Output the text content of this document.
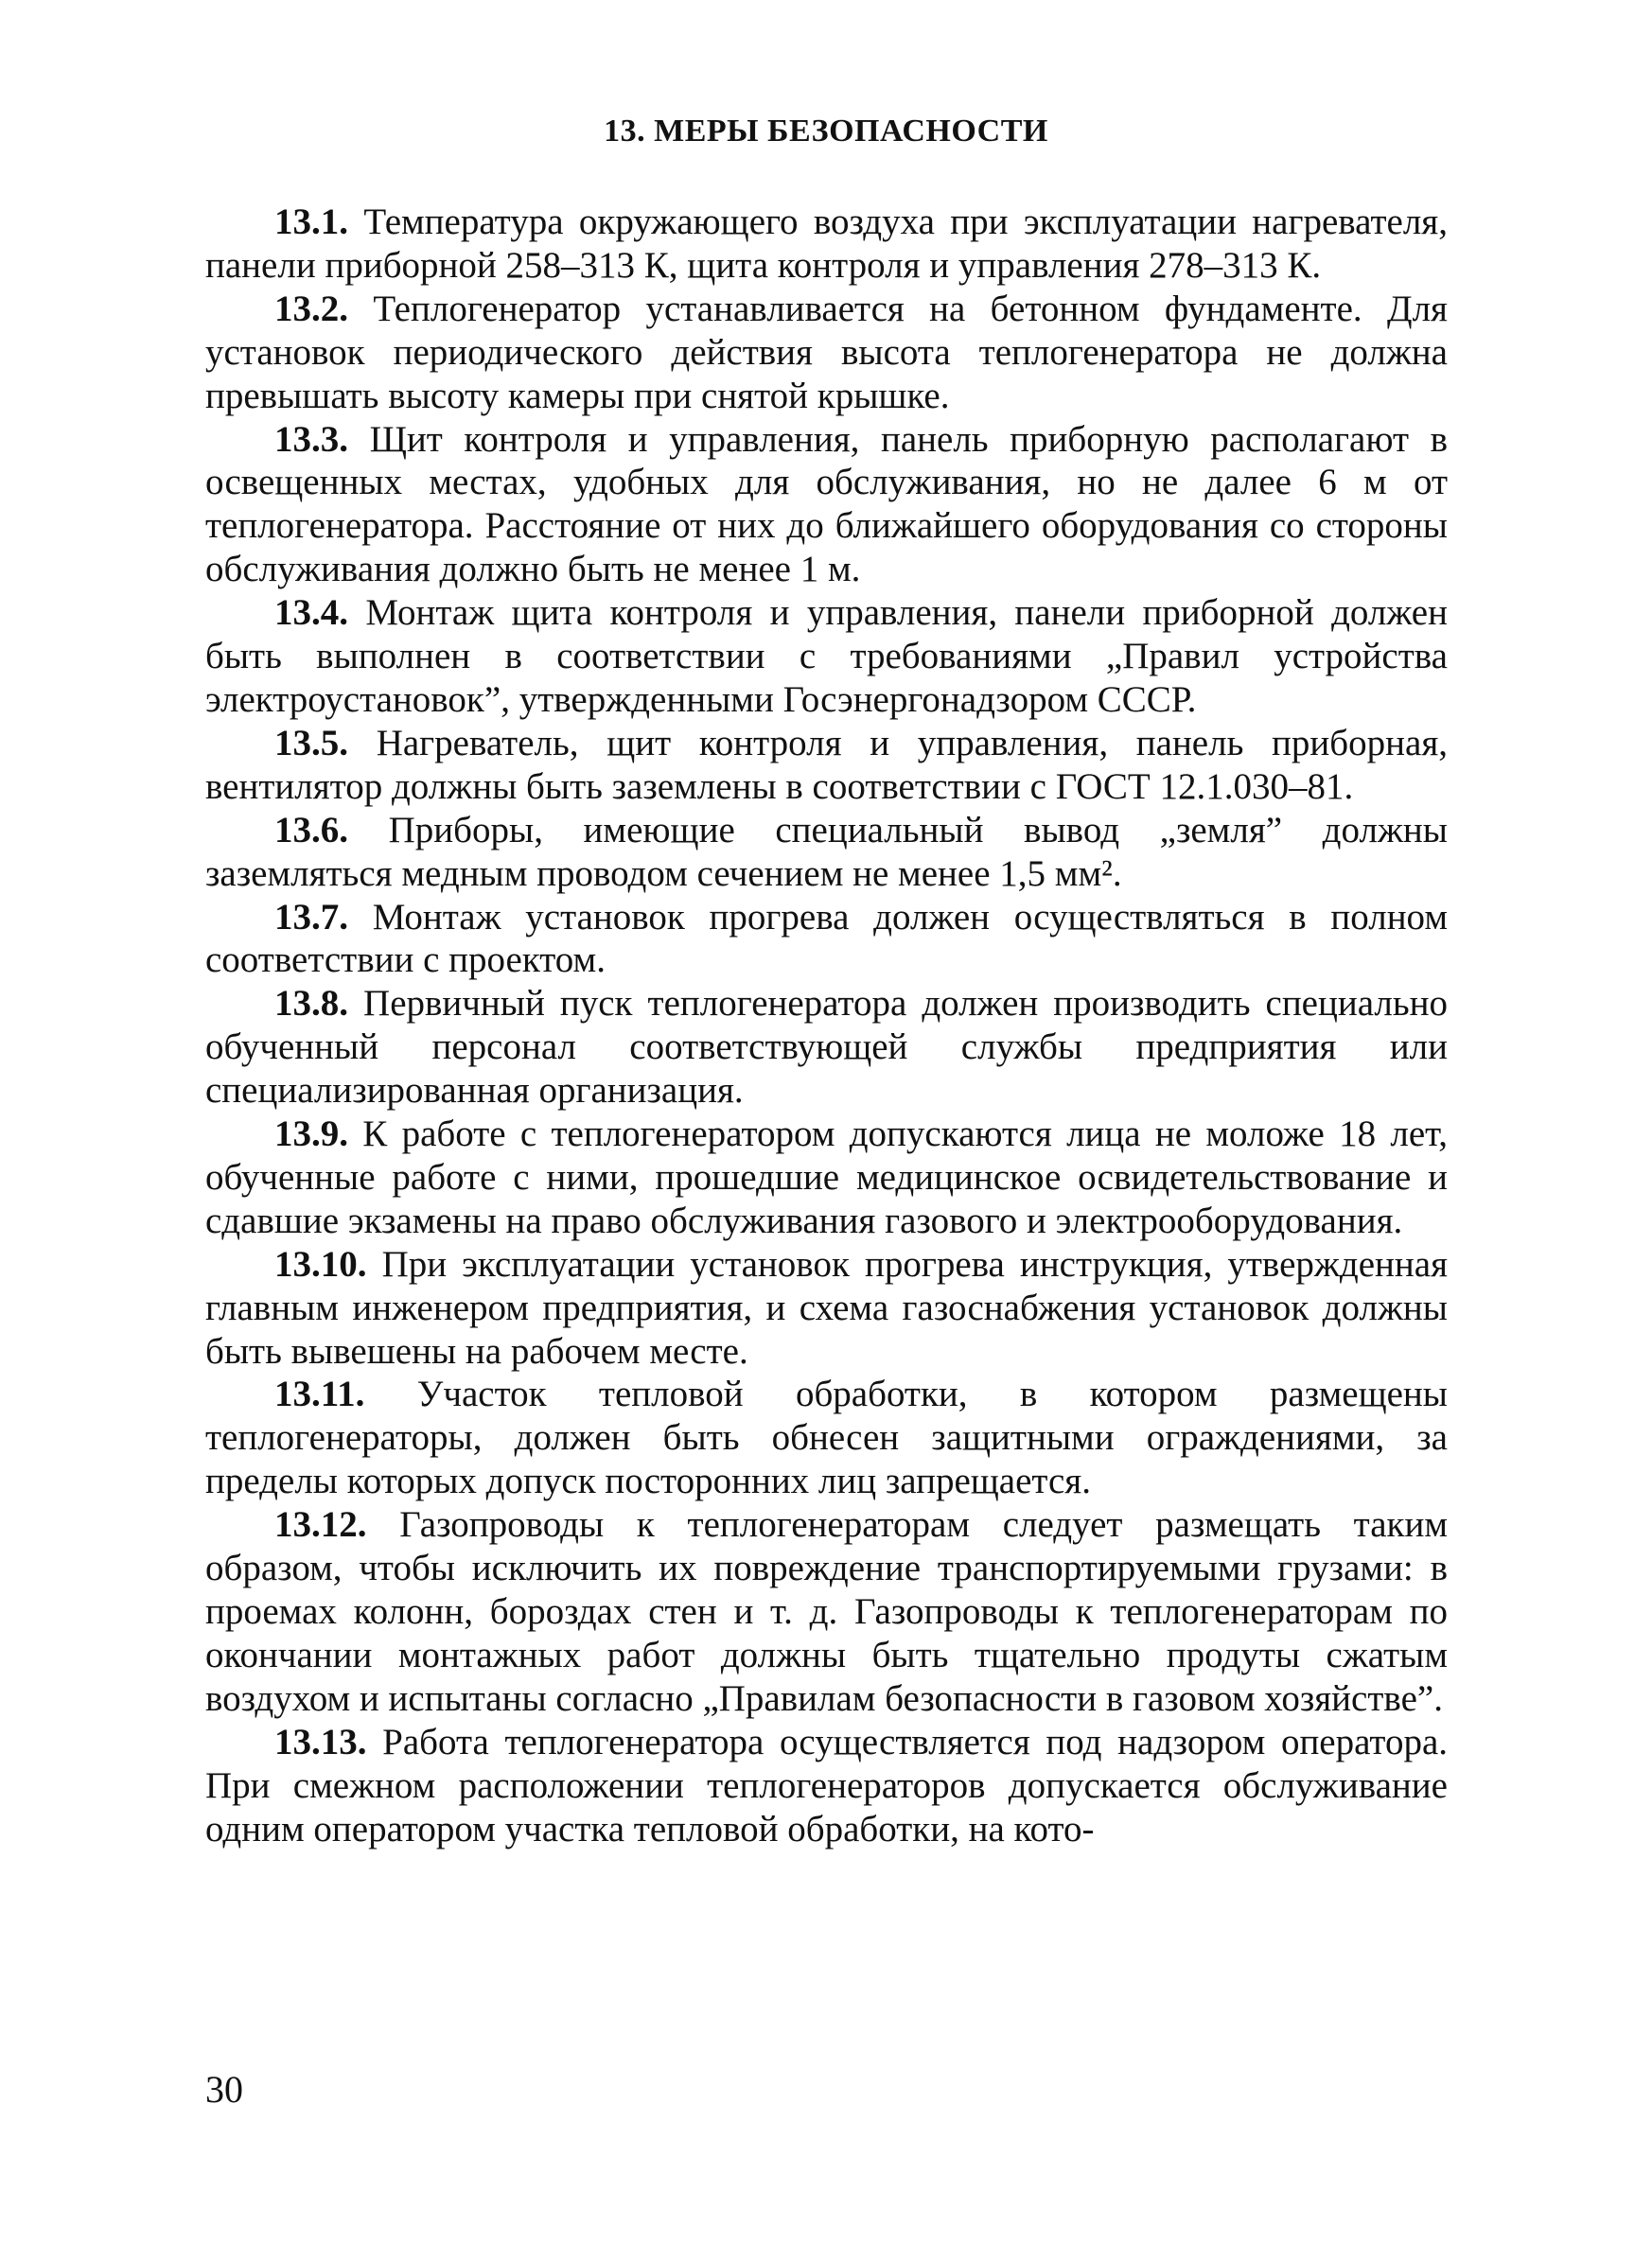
13. МЕРЫ БЕЗОПАСНОСТИ

13.1. Температура окружающего воздуха при эксплуатации нагревателя, панели приборной 258–313 К, щита контроля и управления 278–313 К.

13.2. Теплогенератор устанавливается на бетонном фундаменте. Для установок периодического действия высота теплогенератора не должна превышать высоту камеры при снятой крышке.

13.3. Щит контроля и управления, панель приборную располагают в освещенных местах, удобных для обслуживания, но не далее 6 м от теплогенератора. Расстояние от них до ближайшего оборудования со стороны обслуживания должно быть не менее 1 м.

13.4. Монтаж щита контроля и управления, панели приборной должен быть выполнен в соответствии с требованиями „Правил устройства электроустановок”, утвержденными Госэнергонадзором СССР.

13.5. Нагреватель, щит контроля и управления, панель приборная, вентилятор должны быть заземлены в соответствии с ГОСТ 12.1.030–81.

13.6. Приборы, имеющие специальный вывод „земля” должны заземляться медным проводом сечением не менее 1,5 мм².

13.7. Монтаж установок прогрева должен осуществляться в полном соответствии с проектом.

13.8. Первичный пуск теплогенератора должен производить специально обученный персонал соответствующей службы предприятия или специализированная организация.

13.9. К работе с теплогенератором допускаются лица не моложе 18 лет, обученные работе с ними, прошедшие медицинское освидетельствование и сдавшие экзамены на право обслуживания газового и электрооборудования.

13.10. При эксплуатации установок прогрева инструкция, утвержденная главным инженером предприятия, и схема газоснабжения установок должны быть вывешены на рабочем месте.

13.11. Участок тепловой обработки, в котором размещены теплогенераторы, должен быть обнесен защитными ограждениями, за пределы которых допуск посторонних лиц запрещается.

13.12. Газопроводы к теплогенераторам следует размещать таким образом, чтобы исключить их повреждение транспортируемыми грузами: в проемах колонн, бороздах стен и т. д. Газопроводы к теплогенераторам по окончании монтажных работ должны быть тщательно продуты сжатым воздухом и испытаны согласно „Правилам безопасности в газовом хозяйстве”.

13.13. Работа теплогенератора осуществляется под надзором оператора. При смежном расположении теплогенераторов допускается обслуживание одним оператором участка тепловой обработки, на кото-

30
